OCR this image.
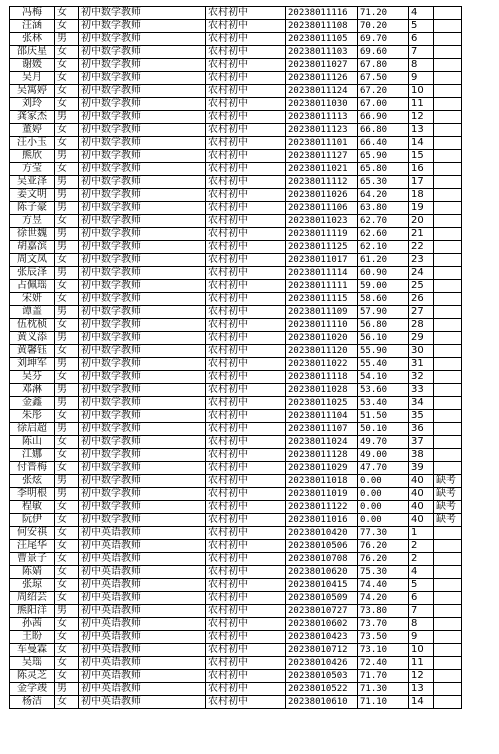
冯梅	女	初中数学教师	农村初中	20238011116	71.20	4	
汪涵	女	初中数学教师	农村初中	20238011108	70.20	5	
张林	男	初中数学教师	农村初中	20238011105	69.70	6	
邵庆星	女	初中数学教师	农村初中	20238011103	69.60	7	
谢媛	女	初中数学教师	农村初中	20238011027	67.80	8	
吴月	女	初中数学教师	农村初中	20238011126	67.50	9	
吴寓婷	女	初中数学教师	农村初中	20238011124	67.20	10	
刘玲	女	初中数学教师	农村初中	20238011030	67.00	11	
龚家杰	男	初中数学教师	农村初中	20238011113	66.90	12	
董婷	女	初中数学教师	农村初中	20238011123	66.80	13	
汪小玉	女	初中数学教师	农村初中	20238011101	66.40	14	
熊欣	男	初中数学教师	农村初中	20238011127	65.90	15	
方莹	女	初中数学教师	农村初中	20238011021	65.80	16	
吴亚泽	男	初中数学教师	农村初中	20238011112	65.30	17	
姜文明	男	初中数学教师	农村初中	20238011026	64.20	18	
陈子豪	男	初中数学教师	农村初中	20238011106	63.80	19	
方昱	女	初中数学教师	农村初中	20238011023	62.70	20	
徐世魏	男	初中数学教师	农村初中	20238011119	62.60	21	
胡嘉滨	男	初中数学教师	农村初中	20238011125	62.10	22	
周文凤	女	初中数学教师	农村初中	20238011017	61.20	23	
张辰泽	男	初中数学教师	农村初中	20238011114	60.90	24	
占佩瑶	女	初中数学教师	农村初中	20238011111	59.00	25	
宋妍	女	初中数学教师	农村初中	20238011115	58.60	26	
谭盖	男	初中数学教师	农村初中	20238011109	57.90	27	
伍枕桢	女	初中数学教师	农村初中	20238011110	56.80	28	
黄义添	男	初中数学教师	农村初中	20238011020	56.10	29	
黄馨钰	女	初中数学教师	农村初中	20238011120	55.90	30	
刘坤军	男	初中数学教师	农村初中	20238011022	55.40	31	
吴芬	女	初中数学教师	农村初中	20238011118	54.10	32	
邓淋	男	初中数学教师	农村初中	20238011028	53.60	33	
金鑫	男	初中数学教师	农村初中	20238011025	53.40	34	
朱彤	女	初中数学教师	农村初中	20238011104	51.50	35	
徐启超	男	初中数学教师	农村初中	20238011107	50.10	36	
陈山	女	初中数学教师	农村初中	20238011024	49.70	37	
江娜	女	初中数学教师	农村初中	20238011128	49.00	38	
付晋梅	女	初中数学教师	农村初中	20238011029	47.70	39	
张炫	男	初中数学教师	农村初中	20238011018	0.00	40	缺考
李明根	男	初中数学教师	农村初中	20238011019	0.00	40	缺考
程敏	女	初中数学教师	农村初中	20238011122	0.00	40	缺考
阮伊	女	初中数学教师	农村初中	20238011016	0.00	40	缺考
何安祺	女	初中英语教师	农村初中	20238010420	77.30	1	
汪尾华	女	初中英语教师	农村初中	20238010506	76.20	2	
曹景子	女	初中英语教师	农村初中	20238010708	76.20	2	
陈婧	女	初中英语教师	农村初中	20238010620	75.30	4	
张琼	女	初中英语教师	农村初中	20238010415	74.40	5	
周绍芸	女	初中英语教师	农村初中	20238010509	74.20	6	
熊阳洋	男	初中英语教师	农村初中	20238010727	73.80	7	
孙茜	女	初中英语教师	农村初中	20238010602	73.70	8	
王盼	女	初中英语教师	农村初中	20238010423	73.50	9	
车曼霖	女	初中英语教师	农村初中	20238010712	73.10	10	
吴瑶	女	初中英语教师	农村初中	20238010426	72.40	11	
陈灵芝	女	初中英语教师	农村初中	20238010503	71.70	12	
金学竣	男	初中英语教师	农村初中	20238010522	71.30	13	
杨洁	女	初中英语教师	农村初中	20238010610	71.10	14	
